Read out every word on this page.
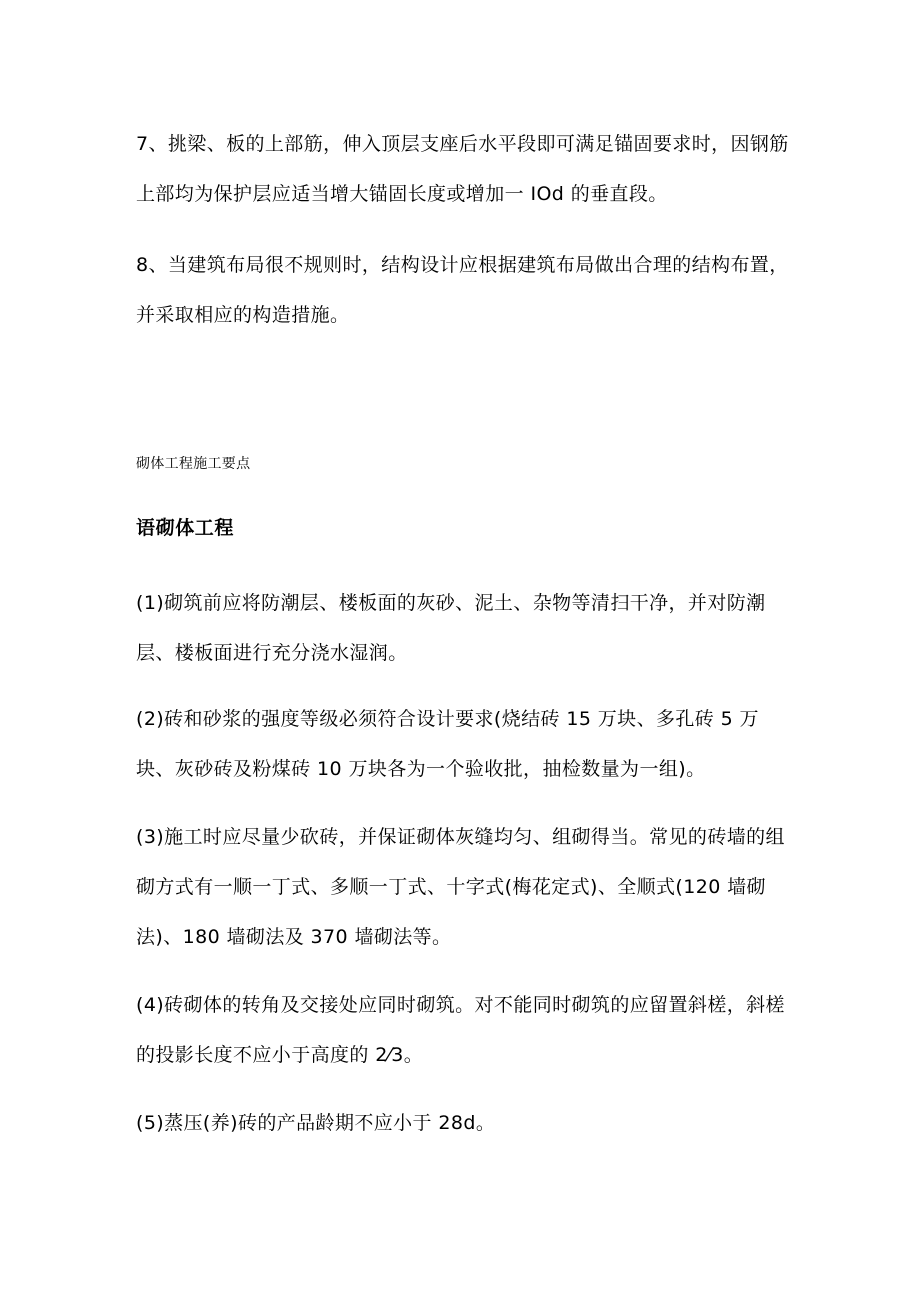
7、挑梁、板的上部筋，伸入顶层支座后水平段即可满足锚固要求时，因钢筋上部均为保护层应适当增大锚固长度或增加一 IOd 的垂直段。

8、当建筑布局很不规则时，结构设计应根据建筑布局做出合理的结构布置，并采取相应的构造措施。

砌体工程施工要点

语砌体工程

(1)砌筑前应将防潮层、楼板面的灰砂、泥土、杂物等清扫干净，并对防潮层、楼板面进行充分浇水湿润。

(2)砖和砂浆的强度等级必须符合设计要求(烧结砖 15 万块、多孔砖 5 万块、灰砂砖及粉煤砖 10 万块各为一个验收批，抽检数量为一组)。

(3)施工时应尽量少砍砖，并保证砌体灰缝均匀、组砌得当。常见的砖墙的组砌方式有一顺一丁式、多顺一丁式、十字式(梅花定式)、全顺式(120 墙砌法)、180 墙砌法及 370 墙砌法等。

(4)砖砌体的转角及交接处应同时砌筑。对不能同时砌筑的应留置斜槎，斜槎的投影长度不应小于高度的 2⁄3。

(5)蒸压(养)砖的产品龄期不应小于 28d。
